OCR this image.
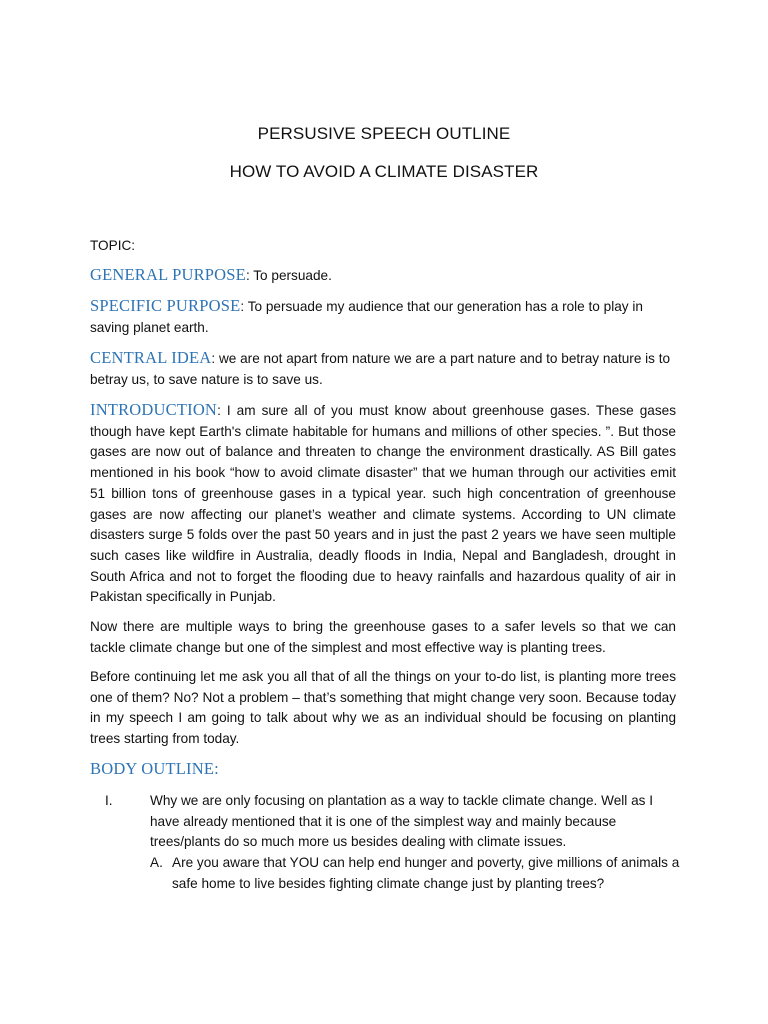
PERSUSIVE SPEECH OUTLINE
HOW TO AVOID A CLIMATE DISASTER
TOPIC:
GENERAL PURPOSE: To persuade.
SPECIFIC PURPOSE: To persuade my audience that our generation has a role to play in saving planet earth.
CENTRAL IDEA: we are not apart from nature we are a part nature and to betray nature is to betray us, to save nature is to save us.
INTRODUCTION: I am sure all of you must know about greenhouse gases. These gases though have kept Earth's climate habitable for humans and millions of other species. ”. But those gases are now out of balance and threaten to change the environment drastically. AS Bill gates mentioned in his book “how to avoid climate disaster” that we human through our activities emit 51 billion tons of greenhouse gases in a typical year. such high concentration of greenhouse gases are now affecting our planet’s weather and climate systems. According to UN climate disasters surge 5 folds over the past 50 years and in just the past 2 years we have seen multiple such cases like wildfire in Australia, deadly floods in India, Nepal and Bangladesh, drought in South Africa and not to forget the flooding due to heavy rainfalls and hazardous quality of air in Pakistan specifically in Punjab.
Now there are multiple ways to bring the greenhouse gases to a safer levels so that we can tackle climate change but one of the simplest and most effective way is planting trees.
Before continuing let me ask you all that of all the things on your to-do list, is planting more trees one of them? No? Not a problem – that’s something that might change very soon. Because today in my speech I am going to talk about why we as an individual should be focusing on planting trees starting from today.
BODY OUTLINE:
I.	Why we are only focusing on plantation as a way to tackle climate change. Well as I have already mentioned that it is one of the simplest way and mainly because trees/plants do so much more us besides dealing with climate issues.
A. Are you aware that YOU can help end hunger and poverty, give millions of animals a safe home to live besides fighting climate change just by planting trees?
